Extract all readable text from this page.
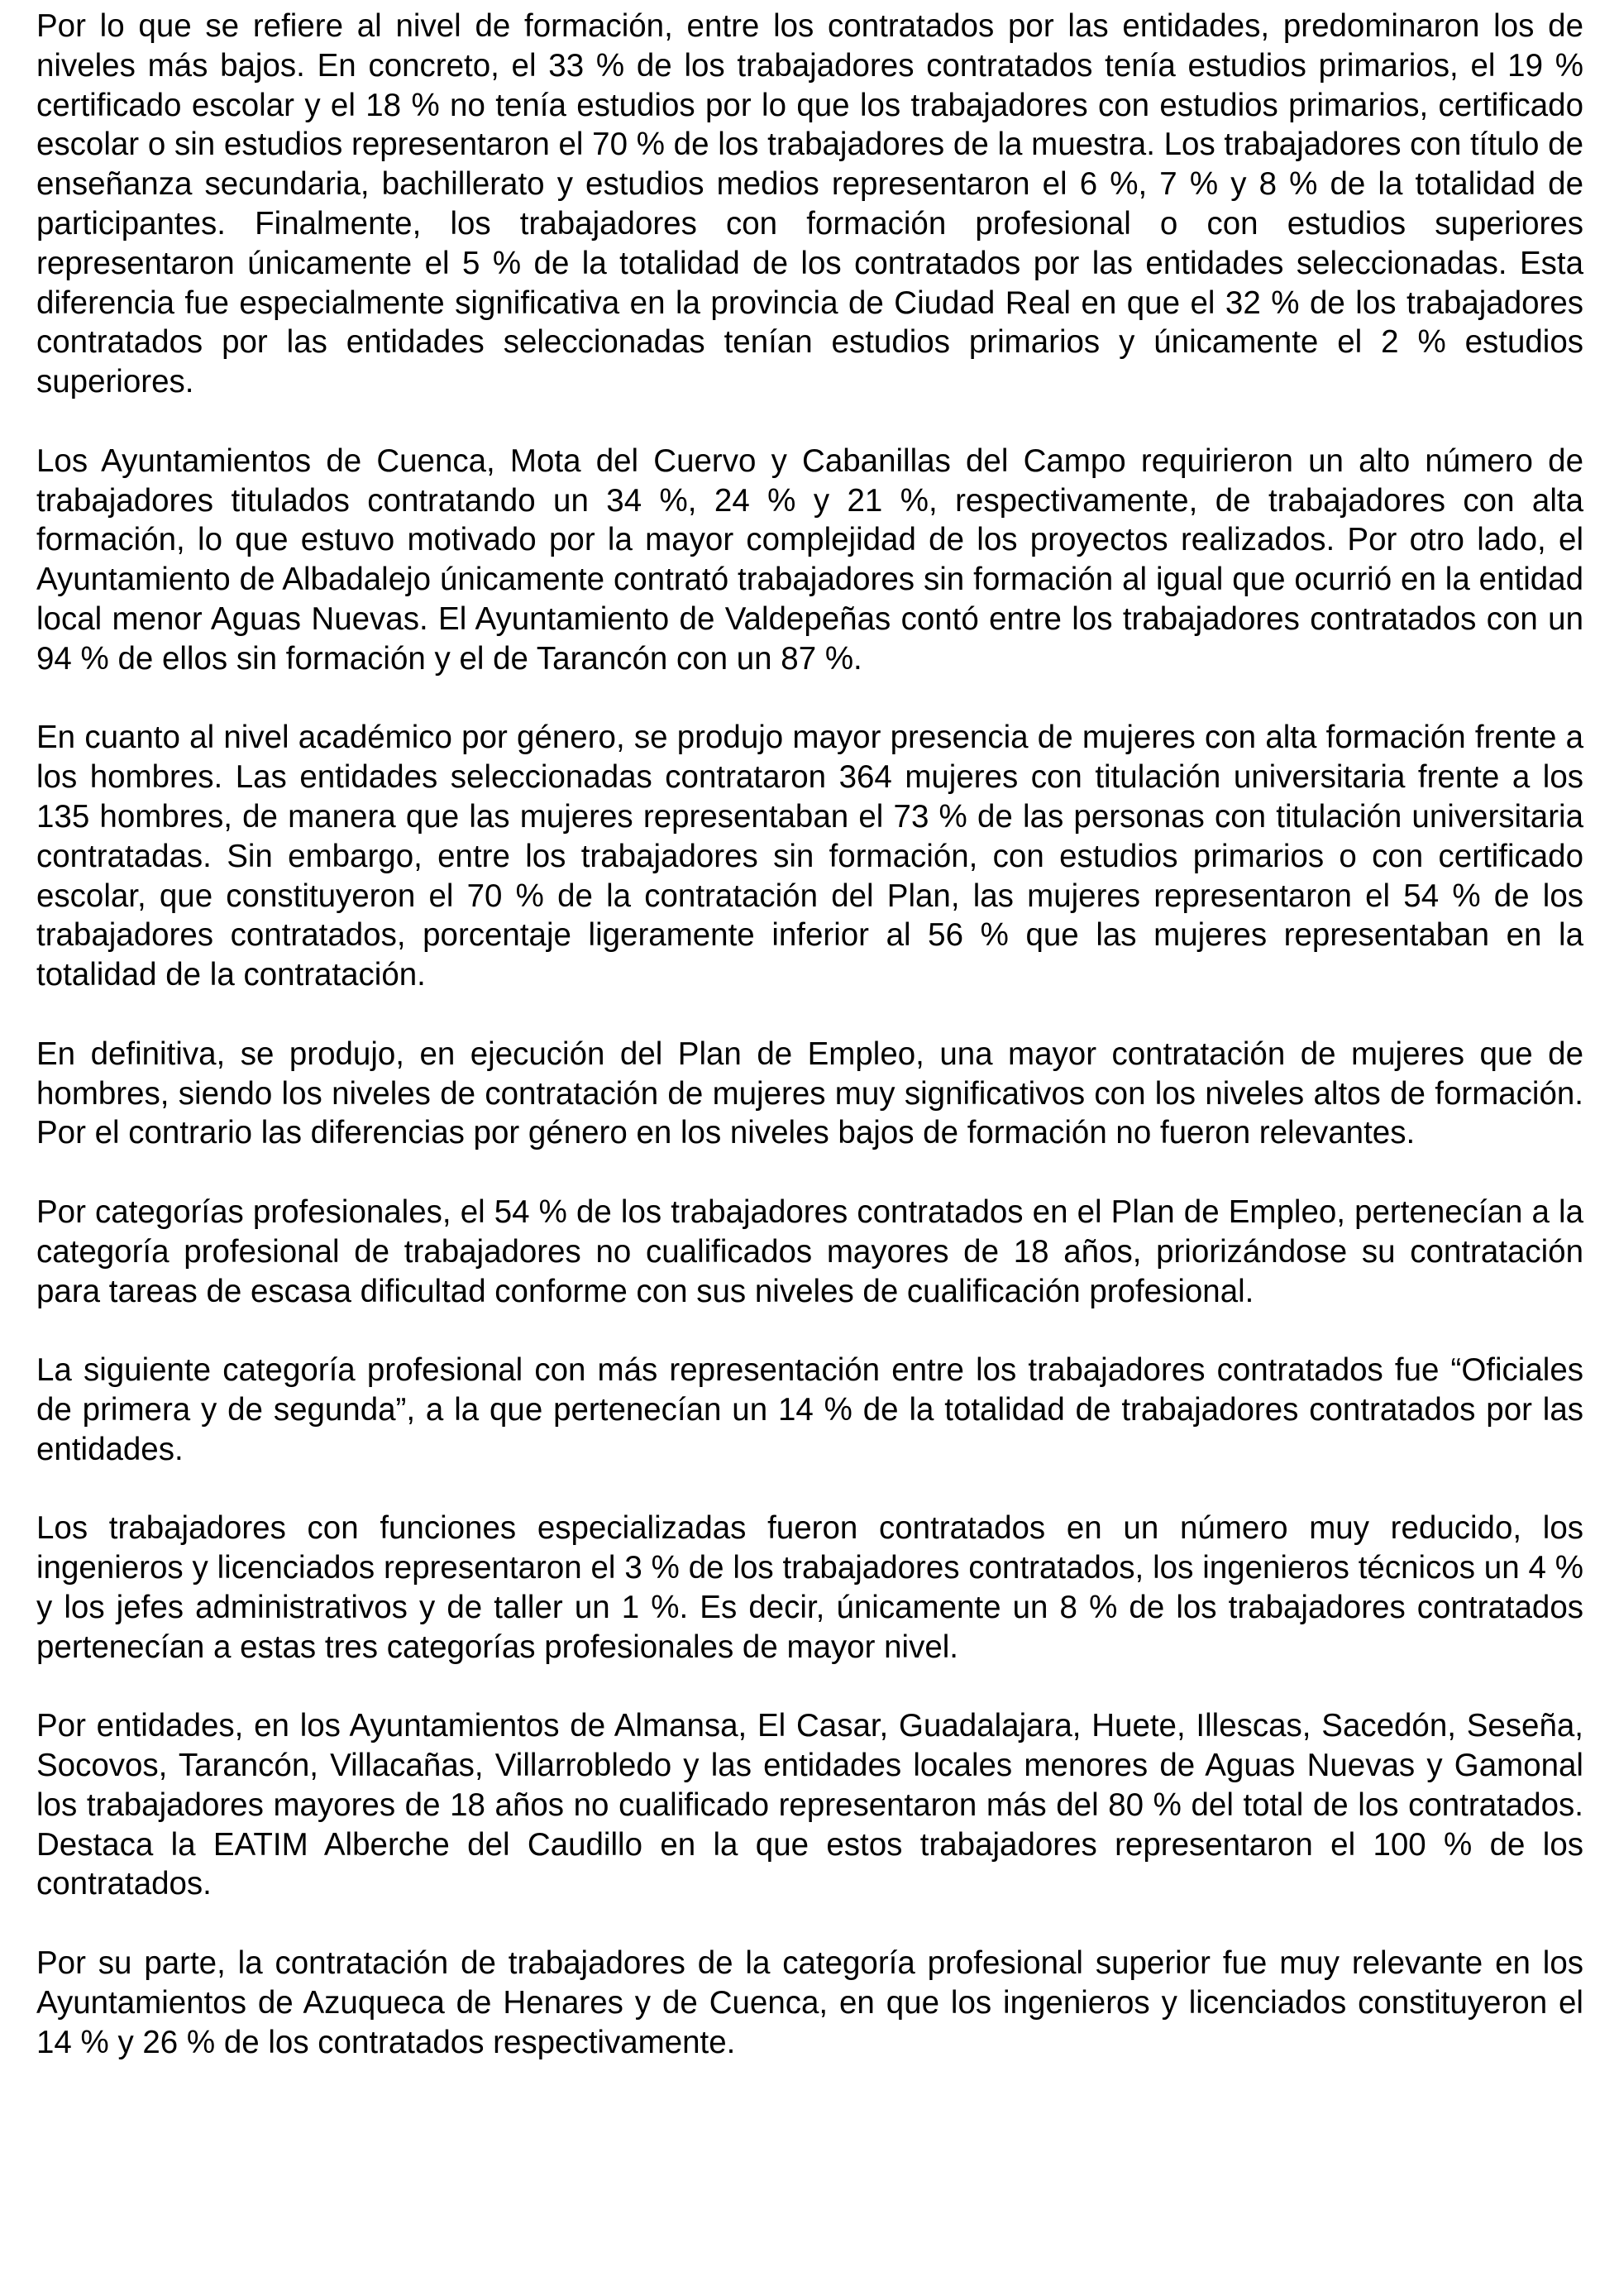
Por lo que se refiere al nivel de formación, entre los contratados por las entidades, predominaron los de niveles más bajos. En concreto, el 33 % de los trabajadores contratados tenía estudios primarios, el 19 % certificado escolar y el 18 % no tenía estudios por lo que los trabajadores con estudios primarios, certificado escolar o sin estudios representaron el 70 % de los trabajadores de la muestra. Los trabajadores con título de enseñanza secundaria, bachillerato y estudios medios representaron el 6 %, 7 % y 8 % de la totalidad de participantes. Finalmente, los trabajadores con formación profesional o con estudios superiores representaron únicamente el 5 % de la totalidad de los contratados por las entidades seleccionadas. Esta diferencia fue especialmente significativa en la provincia de Ciudad Real en que el 32 % de los trabajadores contratados por las entidades seleccionadas tenían estudios primarios y únicamente el 2 % estudios superiores.

Los Ayuntamientos de Cuenca, Mota del Cuervo y Cabanillas del Campo requirieron un alto número de trabajadores titulados contratando un 34 %, 24 % y 21 %, respectivamente, de trabajadores con alta formación, lo que estuvo motivado por la mayor complejidad de los proyectos realizados. Por otro lado, el Ayuntamiento de Albadalejo únicamente contrató trabajadores sin formación al igual que ocurrió en la entidad local menor Aguas Nuevas. El Ayuntamiento de Valdepeñas contó entre los trabajadores contratados con un 94 % de ellos sin formación y el de Tarancón con un 87 %.

En cuanto al nivel académico por género, se produjo mayor presencia de mujeres con alta formación frente a los hombres. Las entidades seleccionadas contrataron 364 mujeres con titulación universitaria frente a los 135 hombres, de manera que las mujeres representaban el 73 % de las personas con titulación universitaria contratadas. Sin embargo, entre los trabajadores sin formación, con estudios primarios o con certificado escolar, que constituyeron el 70 % de la contratación del Plan, las mujeres representaron el 54 % de los trabajadores contratados, porcentaje ligeramente inferior al 56 % que las mujeres representaban en la totalidad de la contratación.

En definitiva, se produjo, en ejecución del Plan de Empleo, una mayor contratación de mujeres que de hombres, siendo los niveles de contratación de mujeres muy significativos con los niveles altos de formación. Por el contrario las diferencias por género en los niveles bajos de formación no fueron relevantes.

Por categorías profesionales, el 54 % de los trabajadores contratados en el Plan de Empleo, pertenecían a la categoría profesional de trabajadores no cualificados mayores de 18 años, priorizándose su contratación para tareas de escasa dificultad conforme con sus niveles de cualificación profesional.

La siguiente categoría profesional con más representación entre los trabajadores contratados fue “Oficiales de primera y de segunda”, a la que pertenecían un 14 % de la totalidad de trabajadores contratados por las entidades.

Los trabajadores con funciones especializadas fueron contratados en un número muy reducido, los ingenieros y licenciados representaron el 3 % de los trabajadores contratados, los ingenieros técnicos un 4 % y los jefes administrativos y de taller un 1 %. Es decir, únicamente un 8 % de los trabajadores contratados pertenecían a estas tres categorías profesionales de mayor nivel.

Por entidades, en los Ayuntamientos de Almansa, El Casar, Guadalajara, Huete, Illescas, Sacedón, Seseña, Socovos, Tarancón, Villacañas, Villarrobledo y las entidades locales menores de Aguas Nuevas y Gamonal los trabajadores mayores de 18 años no cualificado representaron más del 80 % del total de los contratados. Destaca la EATIM Alberche del Caudillo en la que estos trabajadores representaron el 100 % de los contratados.

Por su parte, la contratación de trabajadores de la categoría profesional superior fue muy relevante en los Ayuntamientos de Azuqueca de Henares y de Cuenca, en que los ingenieros y licenciados constituyeron el 14 % y 26 % de los contratados respectivamente.
